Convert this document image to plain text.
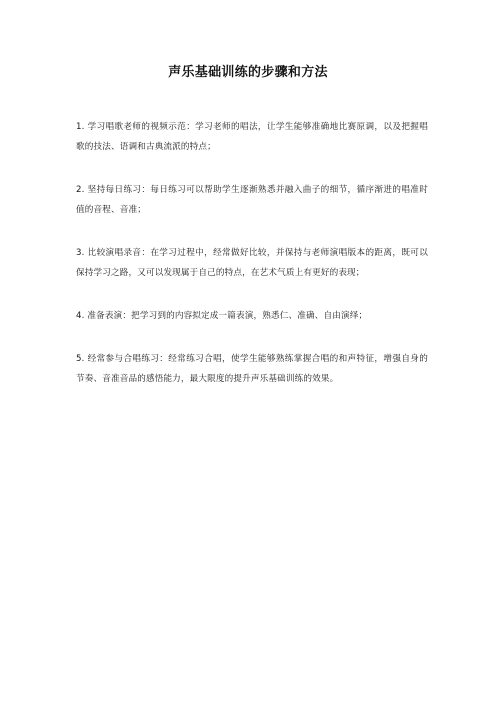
声乐基础训练的步骤和方法

1. 学习唱歌老师的视频示范：学习老师的唱法，让学生能够准确地比赛原调，以及把握唱歌的技法、语调和古典流派的特点；

2. 坚持每日练习：每日练习可以帮助学生逐渐熟悉并融入曲子的细节，循序渐进的唱准时值的音程、音准；

3. 比较演唱录音：在学习过程中，经常做好比较，并保持与老师演唱版本的距离，既可以保持学习之路，又可以发现属于自己的特点，在艺术气质上有更好的表现；

4. 准备表演：把学习到的内容拟定成一篇表演，熟悉仁、准确、自由演绎；

5. 经常参与合唱练习：经常练习合唱，使学生能够熟练掌握合唱的和声特征，增强自身的节奏、音准音品的感悟能力，最大限度的提升声乐基础训练的效果。
